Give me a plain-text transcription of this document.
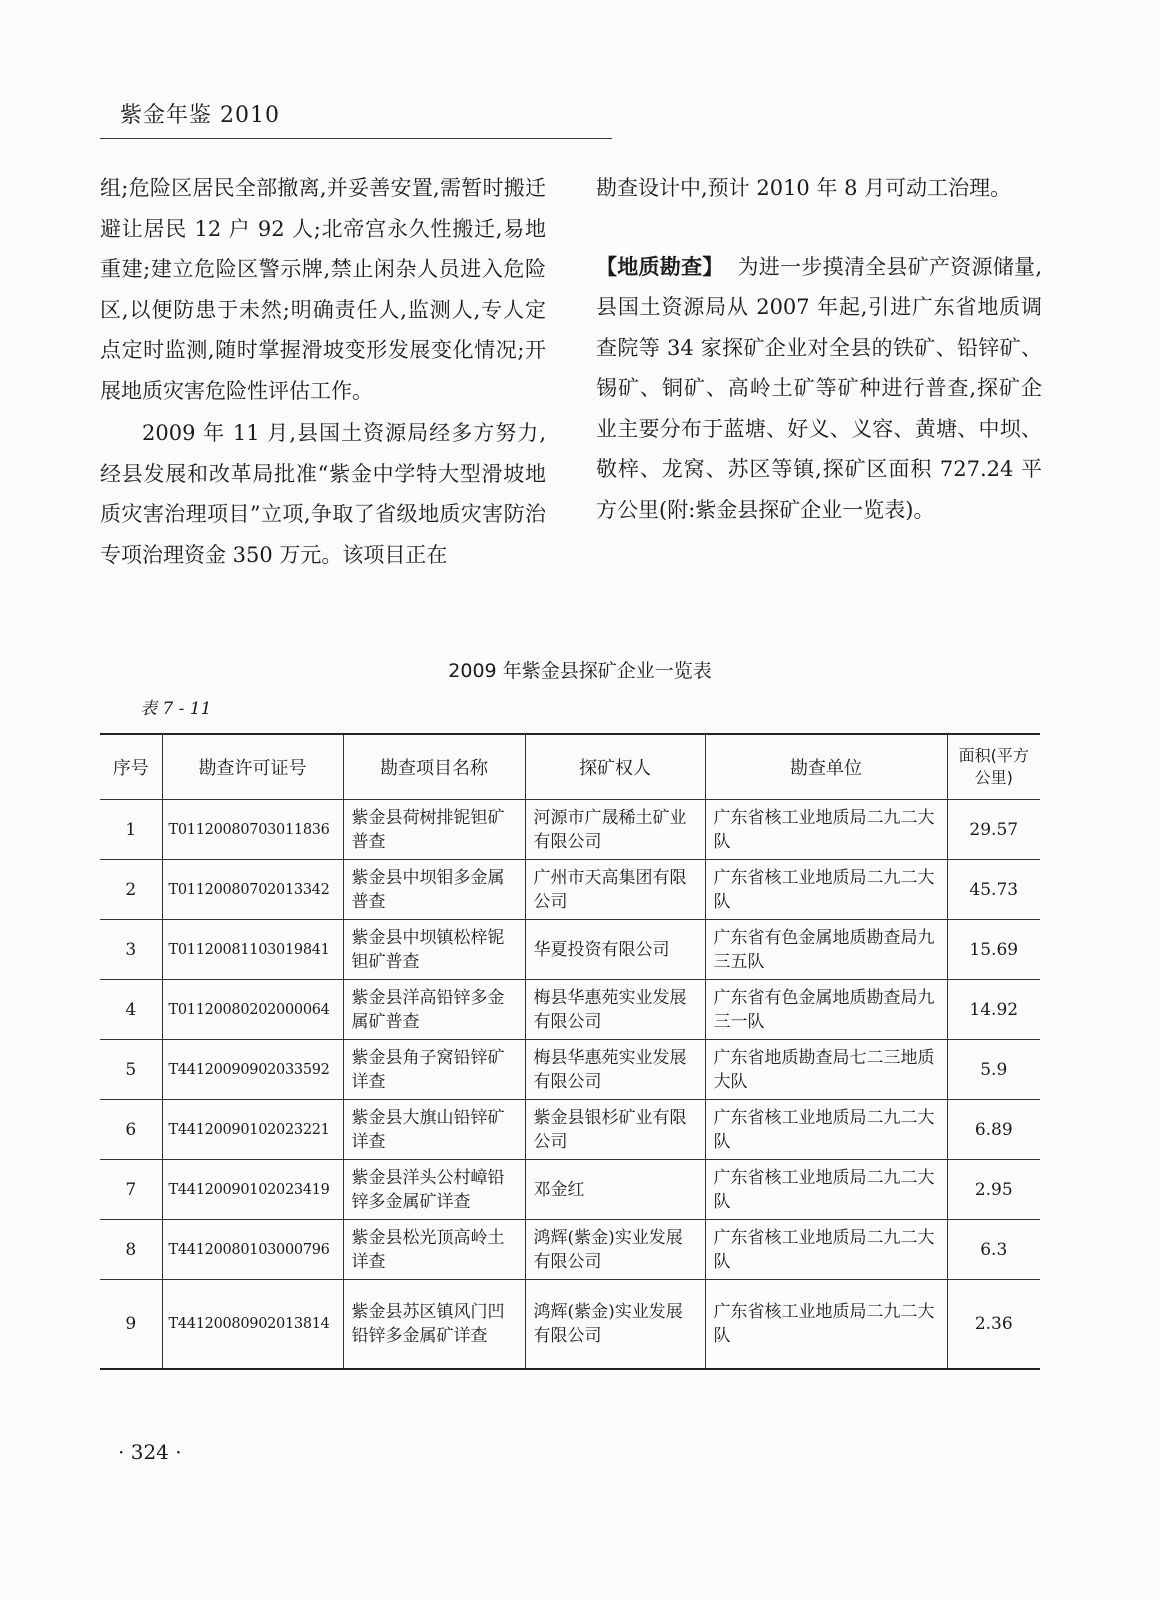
紫金年鉴 2010

组;危险区居民全部撤离,并妥善安置,需暂时搬迁避让居民 12 户 92 人;北帝宫永久性搬迁,易地重建;建立危险区警示牌,禁止闲杂人员进入危险区,以便防患于未然;明确责任人,监测人,专人定点定时监测,随时掌握滑坡变形发展变化情况;开展地质灾害危险性评估工作。

2009 年 11 月,县国土资源局经多方努力,经县发展和改革局批准“紫金中学特大型滑坡地质灾害治理项目”立项,争取了省级地质灾害防治专项治理资金 350 万元。该项目正在

勘查设计中,预计 2010 年 8 月可动工治理。

【地质勘查】 为进一步摸清全县矿产资源储量,县国土资源局从 2007 年起,引进广东省地质调查院等 34 家探矿企业对全县的铁矿、铅锌矿、锡矿、铜矿、高岭土矿等矿种进行普查,探矿企业主要分布于蓝塘、好义、义容、黄塘、中坝、敬梓、龙窝、苏区等镇,探矿区面积 727.24 平方公里(附:紫金县探矿企业一览表)。

2009 年紫金县探矿企业一览表
表 7 - 11
序号	勘查许可证号	勘查项目名称	探矿权人	勘查单位	面积(平方公里)
1	T01120080703011836	紫金县荷树排铌钽矿普查	河源市广晟稀土矿业有限公司	广东省核工业地质局二九二大队	29.57
2	T01120080702013342	紫金县中坝钼多金属普查	广州市天高集团有限公司	广东省核工业地质局二九二大队	45.73
3	T01120081103019841	紫金县中坝镇松梓铌钽矿普查	华夏投资有限公司	广东省有色金属地质勘查局九三五队	15.69
4	T01120080202000064	紫金县洋高铅锌多金属矿普查	梅县华惠苑实业发展有限公司	广东省有色金属地质勘查局九三一队	14.92
5	T44120090902033592	紫金县角子窝铅锌矿详查	梅县华惠苑实业发展有限公司	广东省地质勘查局七二三地质大队	5.9
6	T44120090102023221	紫金县大旗山铅锌矿详查	紫金县银杉矿业有限公司	广东省核工业地质局二九二大队	6.89
7	T44120090102023419	紫金县洋头公村嶂铅锌多金属矿详查	邓金红	广东省核工业地质局二九二大队	2.95
8	T44120080103000796	紫金县松光顶高岭土详查	鸿辉(紫金)实业发展有限公司	广东省核工业地质局二九二大队	6.3
9	T44120080902013814	紫金县苏区镇风门凹铅锌多金属矿详查	鸿辉(紫金)实业发展有限公司	广东省核工业地质局二九二大队	2.36
· 324 ·
